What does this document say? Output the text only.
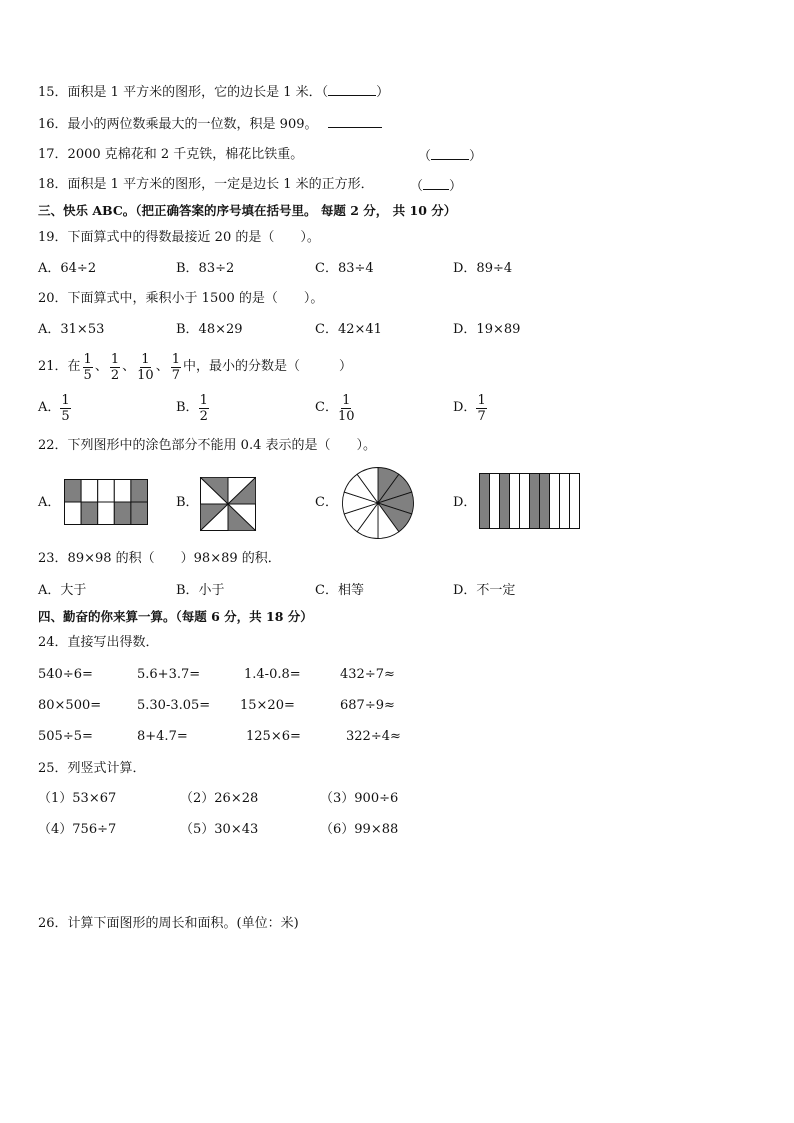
15．面积是 1 平方米的图形，它的边长是 1 米．（	）
16．最小的两位数乘最大的一位数，积是 909。
17．2000 克棉花和 2 千克铁，棉花比铁重。	（	）
18．面积是 1 平方米的图形，一定是边长 1 米的正方形．	（ ）
三、快乐 ABC。（把正确答案的序号填在括号里。 每题 2 分， 共 10 分）
19．下面算式中的得数最接近 20 的是（　　）。
A．64÷2	B．83÷2	C．83÷4	D．89÷4
20．下面算式中，乘积小于 1500 的是（　　）。
A．31×53	B．48×29	C．42×41	D．19×89
21．在 $\frac{1}{5}$ 、 $\frac{1}{2}$ 、 $\frac{1}{10}$ 、 $\frac{1}{7}$ 中，最小的分数是（　　　）
A． $\frac{1}{5}$	B． $\frac{1}{2}$	C． $\frac{1}{10}$	D． $\frac{1}{7}$
22．下列图形中的涂色部分不能用 0.4 表示的是（　　）。
A．	B．	C．	D．
23．89×98 的积（　　）98×89 的积．
A．大于	B．小于	C．相等	D．不一定
四、勤奋的你来算一算。（每题 6 分，共 18 分）
24．直接写出得数．
540÷6=	5.6+3.7=	1.4-0.8=	432÷7≈
80×500=	5.30-3.05= 15×20=	687÷9≈
505÷5=	8+4.7=	125×6=	322÷4≈
25．列竖式计算．
（1）53×67	（2）26×28	（3）900÷6
（4）756÷7	（5）30×43	（6）99×88
26．计算下面图形的周长和面积。(单位：米)
